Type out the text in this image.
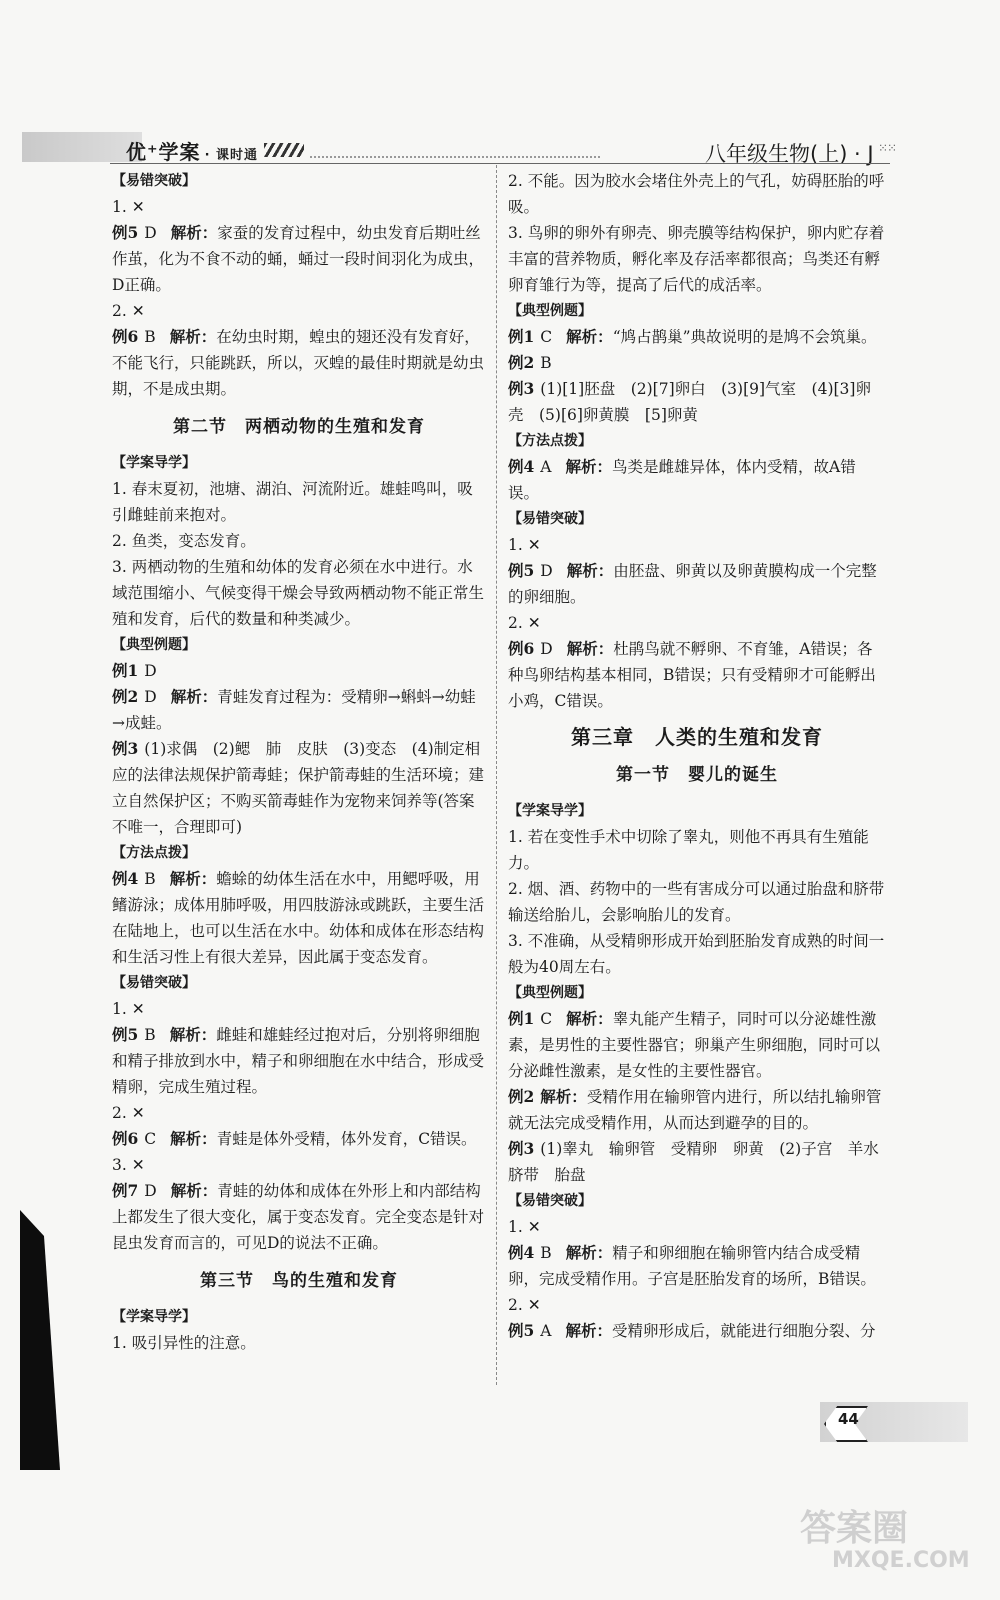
优⁺学案 · 课时通	八年级生物(上) · J ⁙⁙

【易错突破】

1. ✕

例5 D 解析：家蚕的发育过程中，幼虫发育后期吐丝作茧，化为不食不动的蛹，蛹过一段时间羽化为成虫，D正确。

2. ✕

例6 B 解析：在幼虫时期，蝗虫的翅还没有发育好，不能飞行，只能跳跃，所以，灭蝗的最佳时期就是幼虫期，不是成虫期。

第二节　两栖动物的生殖和发育

【学案导学】

1. 春末夏初，池塘、湖泊、河流附近。雄蛙鸣叫，吸引雌蛙前来抱对。

2. 鱼类，变态发育。

3. 两栖动物的生殖和幼体的发育必须在水中进行。水域范围缩小、气候变得干燥会导致两栖动物不能正常生殖和发育，后代的数量和种类减少。

【典型例题】

例1 D

例2 D 解析：青蛙发育过程为：受精卵→蝌蚪→幼蛙→成蛙。

例3 (1)求偶　(2)鳃　肺　皮肤　(3)变态　(4)制定相应的法律法规保护箭毒蛙；保护箭毒蛙的生活环境；建立自然保护区；不购买箭毒蛙作为宠物来饲养等(答案不唯一，合理即可)

【方法点拨】

例4 B 解析：蟾蜍的幼体生活在水中，用鳃呼吸，用鳍游泳；成体用肺呼吸，用四肢游泳或跳跃，主要生活在陆地上，也可以生活在水中。幼体和成体在形态结构和生活习性上有很大差异，因此属于变态发育。

【易错突破】

1. ✕

例5 B 解析：雌蛙和雄蛙经过抱对后，分别将卵细胞和精子排放到水中，精子和卵细胞在水中结合，形成受精卵，完成生殖过程。

2. ✕

例6 C 解析：青蛙是体外受精，体外发育，C错误。

3. ✕

例7 D 解析：青蛙的幼体和成体在外形上和内部结构上都发生了很大变化，属于变态发育。完全变态是针对昆虫发育而言的，可见D的说法不正确。

第三节　鸟的生殖和发育

【学案导学】

1. 吸引异性的注意。

2. 不能。因为胶水会堵住外壳上的气孔，妨碍胚胎的呼吸。

3. 鸟卵的卵外有卵壳、卵壳膜等结构保护，卵内贮存着丰富的营养物质，孵化率及存活率都很高；鸟类还有孵卵育雏行为等，提高了后代的成活率。

【典型例题】

例1 C 解析：“鸠占鹊巢”典故说明的是鸠不会筑巢。

例2 B

例3 (1)[1]胚盘　(2)[7]卵白　(3)[9]气室　(4)[3]卵壳　(5)[6]卵黄膜　[5]卵黄

【方法点拨】

例4 A 解析：鸟类是雌雄异体，体内受精，故A错误。

【易错突破】

1. ✕

例5 D 解析：由胚盘、卵黄以及卵黄膜构成一个完整的卵细胞。

2. ✕

例6 D 解析：杜鹃鸟就不孵卵、不育雏，A错误；各种鸟卵结构基本相同，B错误；只有受精卵才可能孵出小鸡，C错误。

第三章　人类的生殖和发育
第一节　婴儿的诞生

【学案导学】

1. 若在变性手术中切除了睾丸，则他不再具有生殖能力。

2. 烟、酒、药物中的一些有害成分可以通过胎盘和脐带输送给胎儿，会影响胎儿的发育。

3. 不准确，从受精卵形成开始到胚胎发育成熟的时间一般为40周左右。

【典型例题】

例1 C 解析：睾丸能产生精子，同时可以分泌雄性激素，是男性的主要性器官；卵巢产生卵细胞，同时可以分泌雌性激素，是女性的主要性器官。

例2 解析：受精作用在输卵管内进行，所以结扎输卵管就无法完成受精作用，从而达到避孕的目的。

例3 (1)睾丸　输卵管　受精卵　卵黄　(2)子宫　羊水　脐带　胎盘

【易错突破】

1. ✕

例4 B 解析：精子和卵细胞在输卵管内结合成受精卵，完成受精作用。子宫是胚胎发育的场所，B错误。

2. ✕

例5 A 解析：受精卵形成后，就能进行细胞分裂、分

44
答案圈
MXQE.COM
